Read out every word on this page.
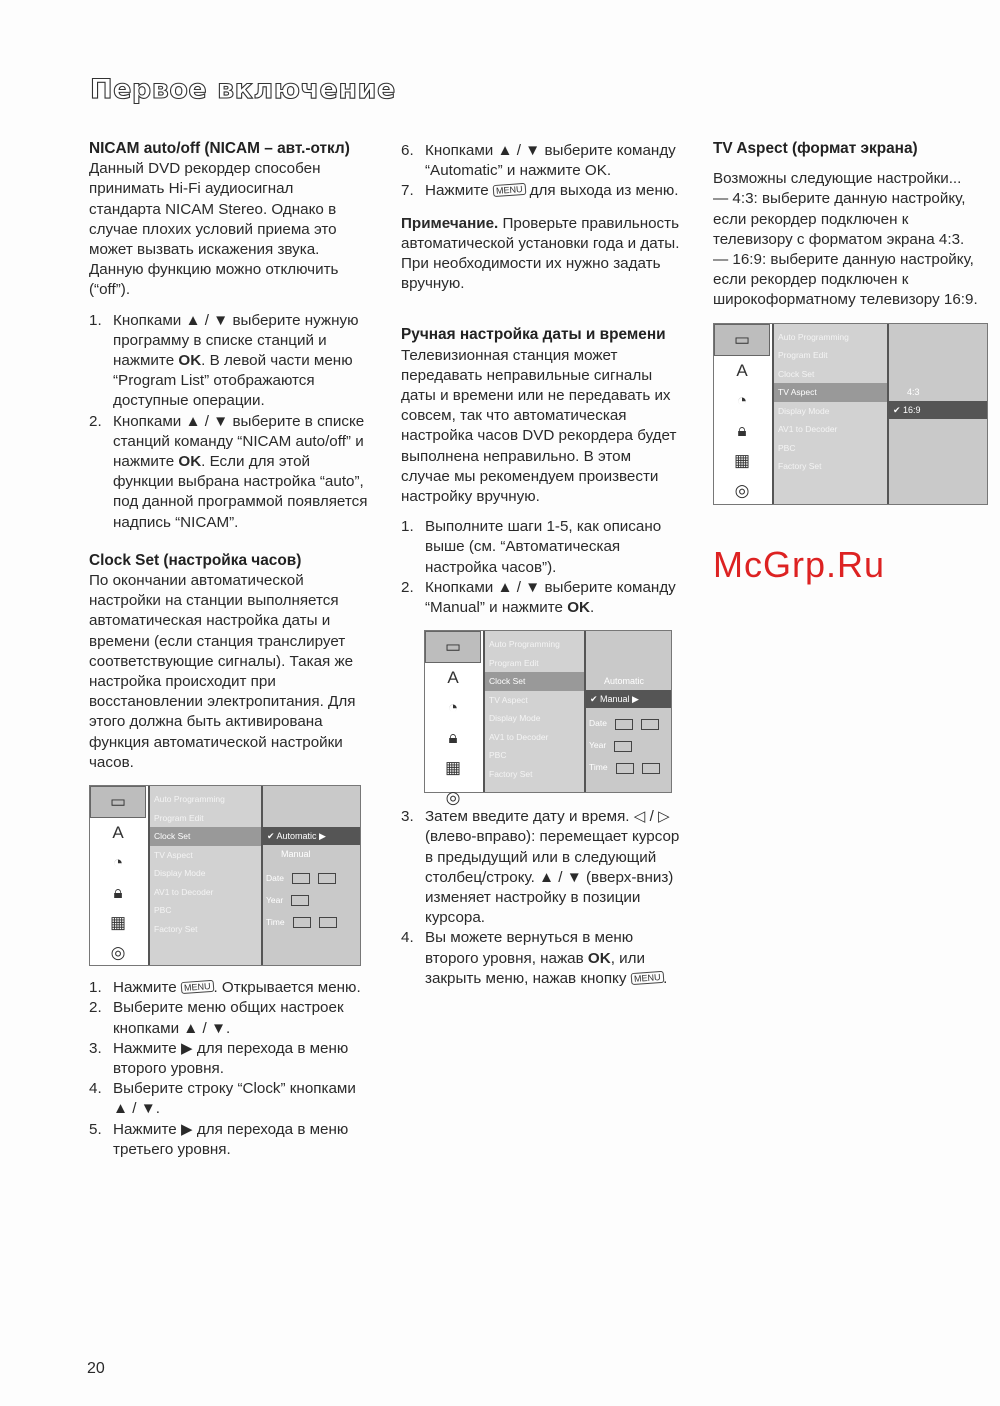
Первое включение
NICAM auto/off (NICAM – авт.-откл)

Данный DVD рекордер способен принимать Hi-Fi аудиосигнал стандарта NICAM Stereo. Однако в случае плохих условий приема это может вызвать искажения звука. Данную функцию можно отключить (“off”).

1. Кнопками ▲ / ▼ выберите нужную программу в списке станций и нажмите OK. В левой части меню “Program List” отображаются доступные операции.
2. Кнопками ▲ / ▼ выберите в списке станций команду “NICAM auto/off” и нажмите OK. Если для этой функции выбрана настройка “auto”, под данной программой появляется надпись “NICAM”.
Clock Set (настройка часов)

По окончании автоматической настройки на станции выполняется автоматическая настройка даты и времени (если станция транслирует соответствующие сигналы). Такая же настройка происходит при восстановлении электропитания. Для этого должна быть активирована функция автоматической настройки часов.

▭
A
◔
🔒︎
▦
◎
Auto Programming
Program Edit
Clock Set
TV Aspect
Display Mode
AV1 to Decoder
PBC
Factory Set
✔ Automatic ▶
Manual
Date
Year
Time
1. Нажмите MENU . Открывается меню.
2. Выберите меню общих настроек кнопками ▲ / ▼.
3. Нажмите ▶ для перехода в меню второго уровня.
4. Выберите строку “Clock” кнопками ▲ / ▼.
5. Нажмите ▶ для перехода в меню третьего уровня.
6. Кнопками ▲ / ▼ выберите команду “Automatic” и нажмите OK.
7. Нажмите MENU для выхода из меню.

Примечание. Проверьте правильность автоматической установки года и даты. При необходимости их нужно задать вручную.

Ручная настройка даты и времени

Телевизионная станция может передавать неправильные сигналы даты и времени или не передавать их совсем, так что автоматическая настройка часов DVD рекордера будет выполнена неправильно. В этом случае мы рекомендуем произвести настройку вручную.

1. Выполните шаги 1-5, как описано выше (см. “Автоматическая настройка часов”).
2. Кнопками ▲ / ▼ выберите команду “Manual” и нажмите OK.
▭
A
◔
🔒︎
▦
◎
Auto Programming
Program Edit
Clock Set
TV Aspect
Display Mode
AV1 to Decoder
PBC
Factory Set
Automatic
✔ Manual ▶
Date
Year
Time
3. Затем введите дату и время. ◁ / ▷ (влево-вправо): перемещает курсор в предыдущий или в следующий столбец/строку. ▲ / ▼ (вверх-вниз) изменяет настройку в позиции курсора.
4. Вы можете вернуться в меню второго уровня, нажав OK, или закрыть меню, нажав кнопку MENU .
TV Aspect (формат экрана)

Возможны следующие настройки...

— 4:3: выберите данную настройку, если рекордер подключен к телевизору с форматом экрана 4:3.

— 16:9: выберите данную настройку, если рекордер подключен к широкоформатному телевизору 16:9.

▭
A
◔
🔒︎
▦
◎
Auto Programming
Program Edit
Clock Set
TV Aspect
Display Mode
AV1 to Decoder
PBC
Factory Set
4:3
✔ 16:9
McGrp.Ru
20
